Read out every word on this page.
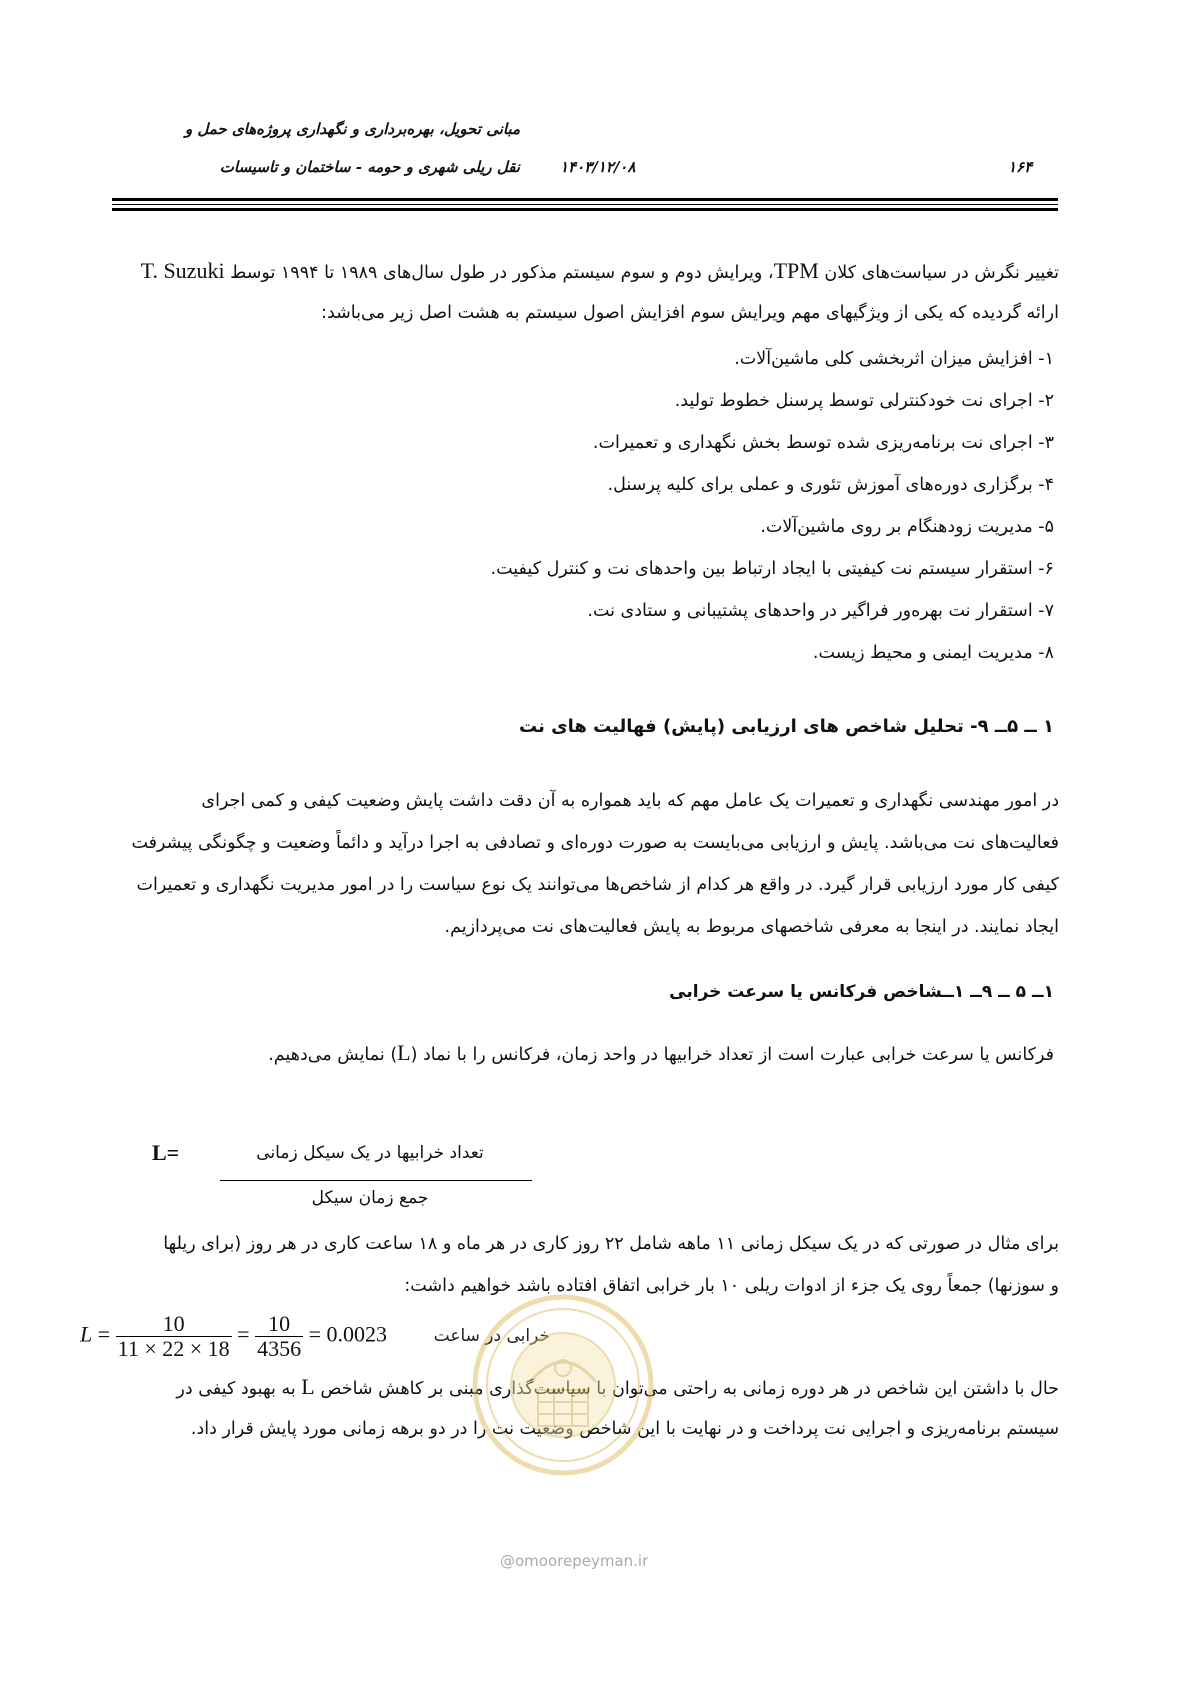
مبانی تحویل، بهره‌برداری و نگهداری پروژه‌های حمل و
نقل ریلی شهری و حومه - ساختمان و تاسیسات	۱۴۰۳/۱۲/۰۸	۱۶۴
تغییر نگرش در سیاست‌های کلان TPM، ویرایش دوم و سوم سیستم مذکور در طول سال‌های ۱۹۸۹ تا ۱۹۹۴ توسط T. Suzuki
ارائه گردیده که یکی از ویژگیهای مهم ویرایش سوم افزایش اصول سیستم به هشت اصل زیر می‌باشد:
۱- افزایش میزان اثربخشی کلی ماشین‌آلات.
۲- اجرای نت خودکنترلی توسط پرسنل خطوط تولید.
۳- اجرای نت برنامه‌ریزی شده توسط بخش نگهداری و تعمیرات.
۴- برگزاری دوره‌های آموزش تئوری و عملی برای کلیه پرسنل.
۵- مدیریت زودهنگام بر روی ماشین‌آلات.
۶- استقرار سیستم نت کیفیتی با ایجاد ارتباط بین واحدهای نت و کنترل کیفیت.
۷- استقرار نت بهره‌ور فراگیر در واحدهای پشتیبانی و ستادی نت.
۸- مدیریت ایمنی و محیط زیست.
۱ ــ ۵ــ ۹- تحلیل شاخص های ارزیابی (پایش) فهالیت های نت
در امور مهندسی نگهداری و تعمیرات یک عامل مهم که باید همواره به آن دقت داشت پایش وضعیت کیفی و کمی اجرای
فعالیت‌های نت می‌باشد. پایش و ارزیابی می‌بایست به صورت دوره‌ای و تصادفی به اجرا درآید و دائماً وضعیت و چگونگی پیشرفت
کیفی کار مورد ارزیابی قرار گیرد. در واقع هر کدام از شاخص‌ها می‌توانند یک نوع سیاست را در امور مدیریت نگهداری و تعمیرات
ایجاد نمایند. در اینجا به معرفی شاخصهای مربوط به پایش فعالیت‌های نت می‌پردازیم.
۱ــ ۵ ــ ۹ــ ۱ــشاخص فرکانس یا سرعت خرابی
فرکانس یا سرعت خرابی عبارت است از تعداد خرابیها در واحد زمان، فرکانس را با نماد (L) نمایش می‌دهیم.
L=	تعداد خرابیها در یک سیکل زمانی
جمع زمان سیکل
برای مثال در صورتی که در یک سیکل زمانی ۱۱ ماهه شامل ۲۲ روز کاری در هر ماه و ۱۸ ساعت کاری در هر روز (برای ریلها
و سوزنها) جمعاً روی یک جزء از ادوات ریلی ۱۰ بار خرابی اتفاق افتاده باشد خواهیم داشت:
$L = \frac{10}{11 \times 22 \times 18} = \frac{10}{4356} = 0.0023$	خرابی در ساعت
حال با داشتن این شاخص در هر دوره زمانی به راحتی می‌توان با سیاست‌گذاری مبنی بر کاهش شاخص L به بهبود کیفی در
سیستم برنامه‌ریزی و اجرایی نت پرداخت و در نهایت با این شاخص وضعیت نت را در دو برهه زمانی مورد پایش قرار داد.
@omoorepeyman.ir
